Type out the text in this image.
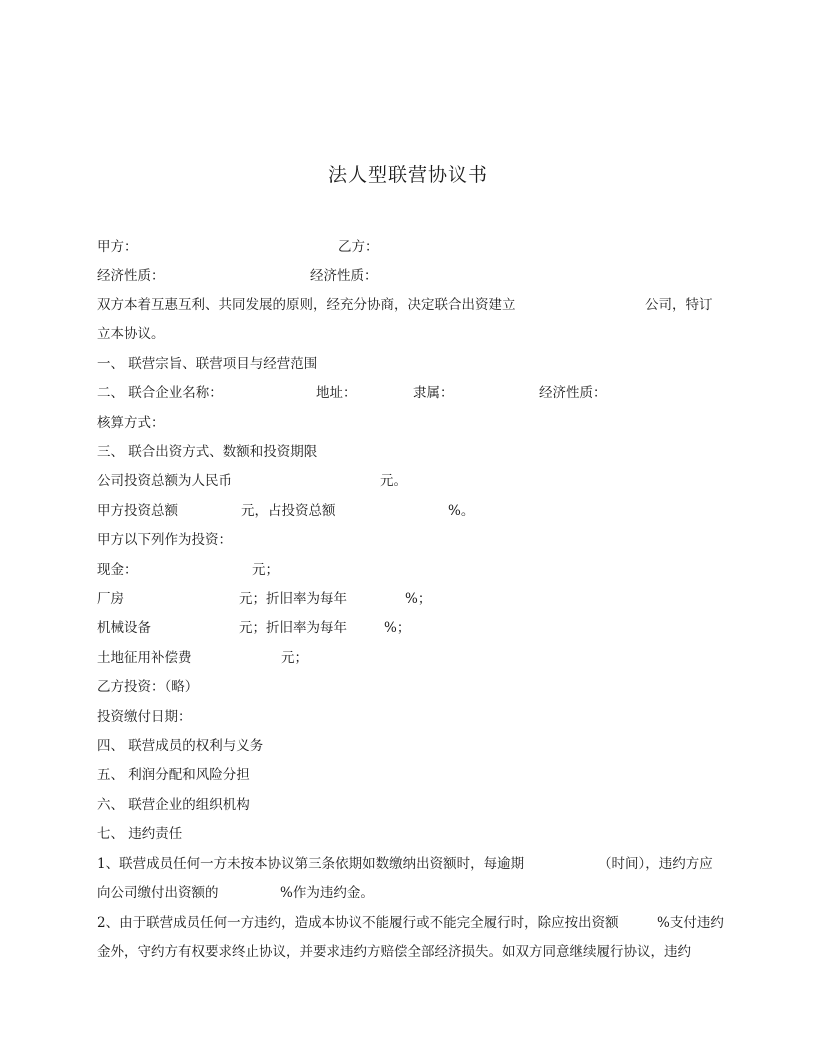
法人型联营协议书
甲方：	乙方：
经济性质：	经济性质：
双方本着互惠互利、共同发展的原则，经充分协商，决定联合出资建立	公司，特订
立本协议。
一、 联营宗旨、联营项目与经营范围
二、 联合企业名称：	地址：	隶属：	经济性质：
核算方式：
三、 联合出资方式、数额和投资期限
公司投资总额为人民币	元。
甲方投资总额	元，占投资总额	%。
甲方以下列作为投资：
现金：	元；
厂房	元；折旧率为每年	%；
机械设备	元；折旧率为每年	%；
土地征用补偿费	元；
乙方投资：（略）
投资缴付日期：
四、 联营成员的权利与义务
五、 利润分配和风险分担
六、 联营企业的组织机构
七、 违约责任
1、联营成员任何一方未按本协议第三条依期如数缴纳出资额时，每逾期	（时间），违约方应
向公司缴付出资额的	%作为违约金。
2、由于联营成员任何一方违约，造成本协议不能履行或不能完全履行时，除应按出资额	%支付违约
金外，守约方有权要求终止协议，并要求违约方赔偿全部经济损失。如双方同意继续履行协议，违约
